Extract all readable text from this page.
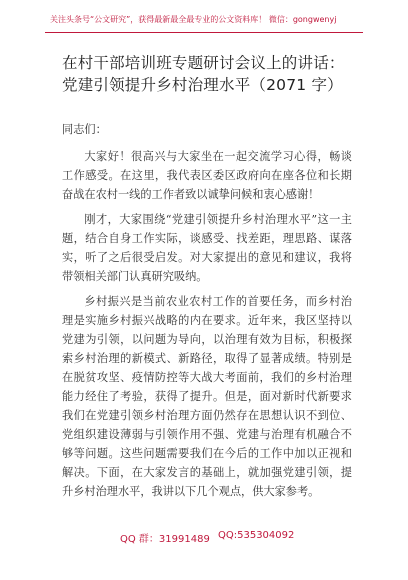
关注头条号“公文研究”，获得最新最全最专业的公文资料库！ 微信：gongwenyj
在村干部培训班专题研讨会议上的讲话：
党建引领提升乡村治理水平（2071 字）

同志们：

大家好！很高兴与大家坐在一起交流学习心得，畅谈工作感受。在这里，我代表区委区政府向在座各位和长期奋战在农村一线的工作者致以诚挚问候和衷心感谢！

刚才，大家围绕“党建引领提升乡村治理水平”这一主题，结合自身工作实际，谈感受、找差距，理思路、谋落实，听了之后很受启发。对大家提出的意见和建议，我将带领相关部门认真研究吸纳。

乡村振兴是当前农业农村工作的首要任务，而乡村治理是实施乡村振兴战略的内在要求。近年来，我区坚持以党建为引领，以问题为导向，以治理有效为目标，积极探索乡村治理的新模式、新路径，取得了显著成绩。特别是在脱贫攻坚、疫情防控等大战大考面前，我们的乡村治理能力经住了考验，获得了提升。但是，面对新时代新要求我们在党建引领乡村治理方面仍然存在思想认识不到位、党组织建设薄弱与引领作用不强、党建与治理有机融合不够等问题。这些问题需要我们在今后的工作中加以正视和解决。下面，在大家发言的基础上，就加强党建引领，提升乡村治理水平，我讲以下几个观点，供大家参考。

QQ 群：31991489 QQ:535304092
